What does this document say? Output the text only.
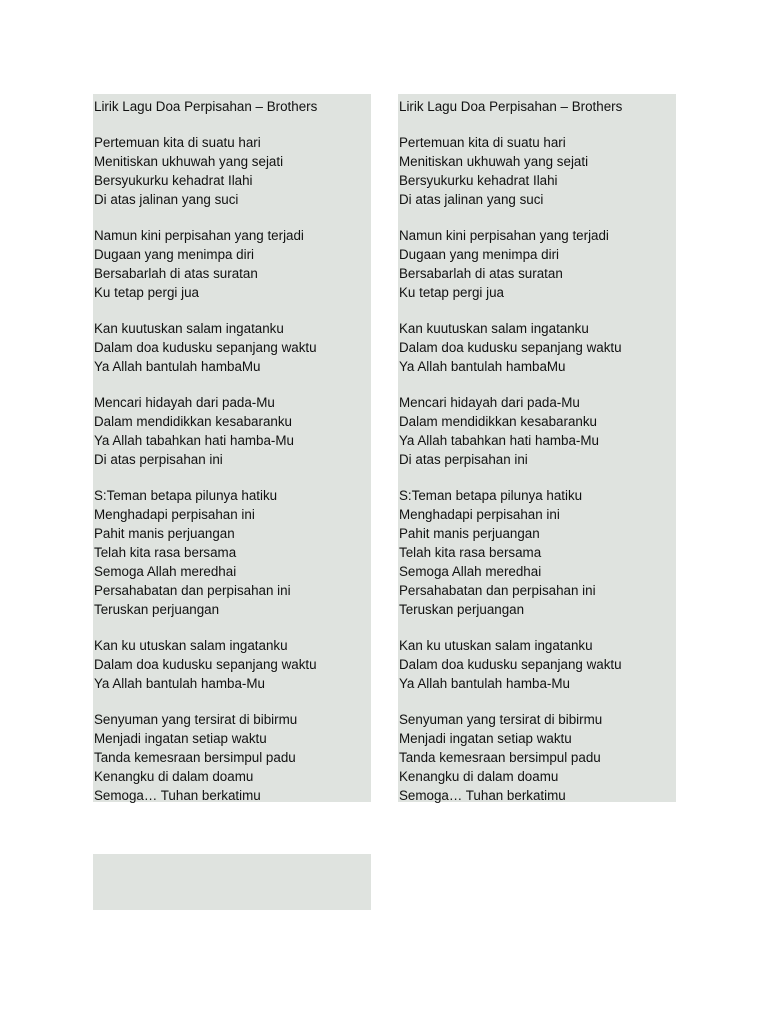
Lirik Lagu Doa Perpisahan – Brothers
Pertemuan kita di suatu hari
Menitiskan ukhuwah yang sejati
Bersyukurku kehadrat Ilahi
Di atas jalinan yang suci
Namun kini perpisahan yang terjadi
Dugaan yang menimpa diri
Bersabarlah di atas suratan
Ku tetap pergi jua
Kan kuutuskan salam ingatanku
Dalam doa kudusku sepanjang waktu
Ya Allah bantulah hambaMu
Mencari hidayah dari pada-Mu
Dalam mendidikkan kesabaranku
Ya Allah tabahkan hati hamba-Mu
Di atas perpisahan ini
S:Teman betapa pilunya hatiku
Menghadapi perpisahan ini
Pahit manis perjuangan
Telah kita rasa bersama
Semoga Allah meredhai
Persahabatan dan perpisahan ini
Teruskan perjuangan
Kan ku utuskan salam ingatanku
Dalam doa kudusku sepanjang waktu
Ya Allah bantulah hamba-Mu
Senyuman yang tersirat di bibirmu
Menjadi ingatan setiap waktu
Tanda kemesraan bersimpul padu
Kenangku di dalam doamu
Semoga… Tuhan berkatimu
Lirik Lagu Doa Perpisahan – Brothers
Pertemuan kita di suatu hari
Menitiskan ukhuwah yang sejati
Bersyukurku kehadrat Ilahi
Di atas jalinan yang suci
Namun kini perpisahan yang terjadi
Dugaan yang menimpa diri
Bersabarlah di atas suratan
Ku tetap pergi jua
Kan kuutuskan salam ingatanku
Dalam doa kudusku sepanjang waktu
Ya Allah bantulah hambaMu
Mencari hidayah dari pada-Mu
Dalam mendidikkan kesabaranku
Ya Allah tabahkan hati hamba-Mu
Di atas perpisahan ini
S:Teman betapa pilunya hatiku
Menghadapi perpisahan ini
Pahit manis perjuangan
Telah kita rasa bersama
Semoga Allah meredhai
Persahabatan dan perpisahan ini
Teruskan perjuangan
Kan ku utuskan salam ingatanku
Dalam doa kudusku sepanjang waktu
Ya Allah bantulah hamba-Mu
Senyuman yang tersirat di bibirmu
Menjadi ingatan setiap waktu
Tanda kemesraan bersimpul padu
Kenangku di dalam doamu
Semoga… Tuhan berkatimu
